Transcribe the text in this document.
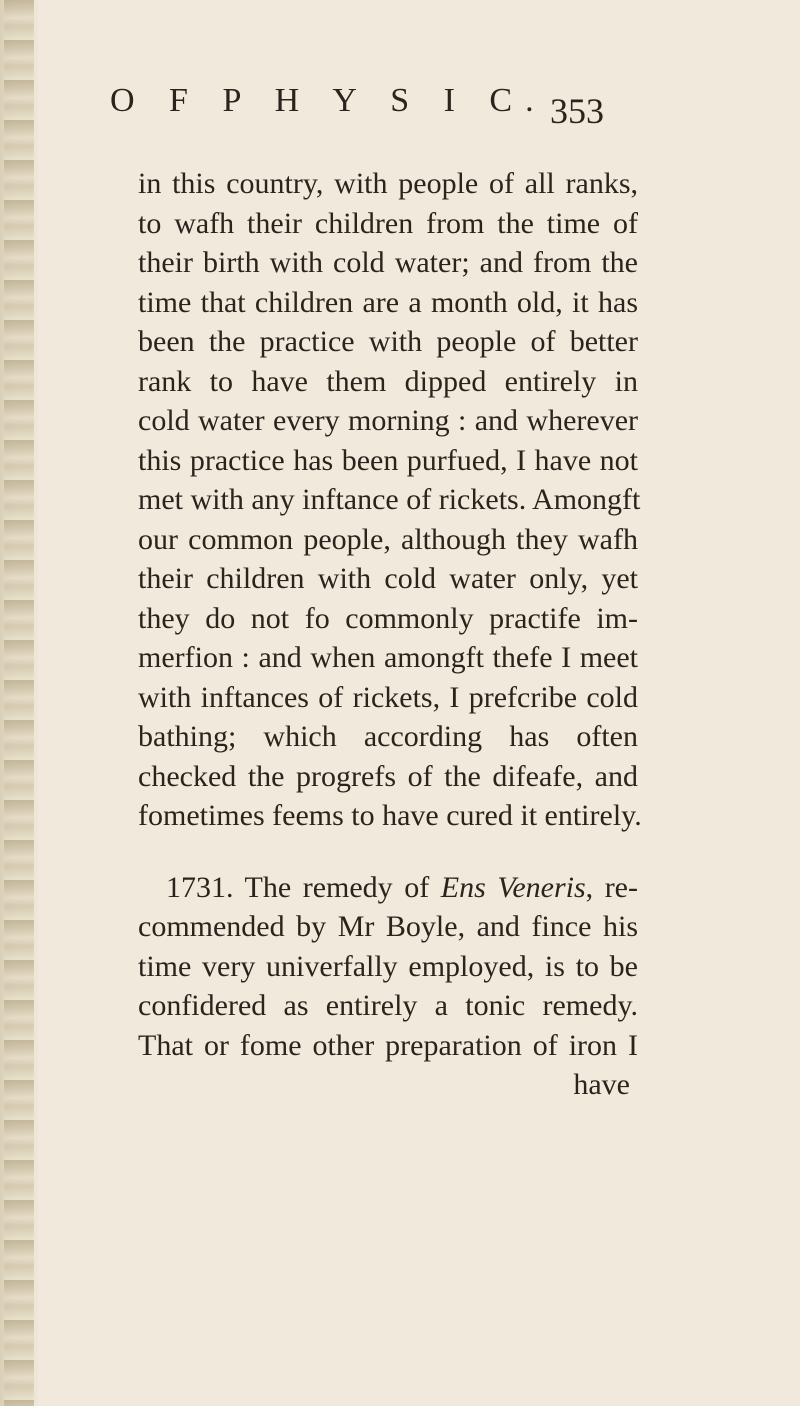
O F P H Y S I C. 353
in this country, with people of all ranks,
to wafh their children from the time of
their birth with cold water; and from the
time that children are a month old, it has
been the practice with people of better
rank to have them dipped entirely in
cold water every morning : and wherever
this practice has been purfued, I have not
met with any inftance of rickets. Amongft
our common people, although they wafh
their children with cold water only, yet
they do not fo commonly practife im-
merfion : and when amongft thefe I meet
with inftances of rickets, I prefcribe cold
bathing; which according has often
checked the progrefs of the difeafe, and
fometimes feems to have cured it entirely.
1731. The remedy of Ens Veneris, re-
commended by Mr Boyle, and fince his
time very univerfally employed, is to be
confidered as entirely a tonic remedy.
That or fome other preparation of iron I
have
